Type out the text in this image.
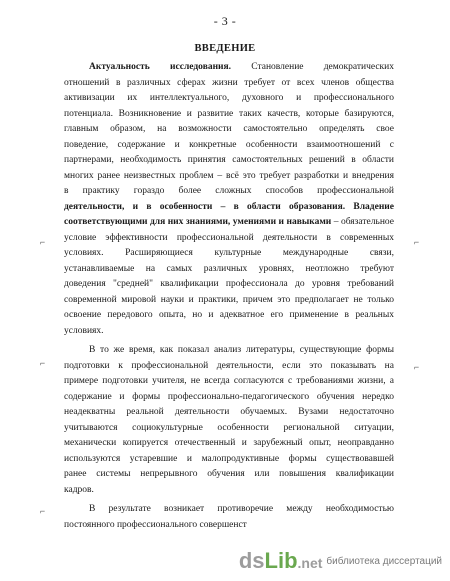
- 3 -
ВВЕДЕНИЕ
Актуальность исследования. Становление демократических
отношений в различных сферах жизни требует от всех членов общества
активизации их интеллектуального, духовного и профессионального
потенциала. Возникновение и развитие таких качеств, которые базируются,
главным образом, на возможности самостоятельно определять свое
поведение, содержание и конкретные особенности взаимоотношений с
партнерами, необходимость принятия самостоятельных решений в области
многих ранее неизвестных проблем – всё это требует разработки и внедрения
в практику гораздо более сложных способов профессиональной
деятельности, и в особенности – в области образования. Владение
соответствующими для них знаниями, умениями и навыками – обязательное
условие эффективности профессиональной деятельности в современных
условиях. Расширяющиеся культурные международные связи,
устанавливаемые на самых различных уровнях, неотложно требуют
доведения "средней" квалификации профессионала до уровня требований
современной мировой науки и практики, причем это предполагает не только
освоение передового опыта, но и адекватное его применение в реальных
условиях.
В то же время, как показал анализ литературы, существующие формы
подготовки к профессиональной деятельности, если это показывать на
примере подготовки учителя, не всегда согласуются с требованиями жизни, а
содержание и формы профессионально-педагогического обучения нередко
неадекватны реальной деятельности обучаемых. Вузами недостаточно
учитываются социокультурные особенности региональной ситуации,
механически копируется отечественный и зарубежный опыт, неоправданно
используются устаревшие и малопродуктивные формы существовавшей
ранее системы непрерывного обучения или повышения квалификации
кадров.
В результате возникает противоречие между необходимостью
постоянного профессионального совершенст
⌐	⌐
⌐	⌐
⌐
ds Lib .net библиотека диссертаций
